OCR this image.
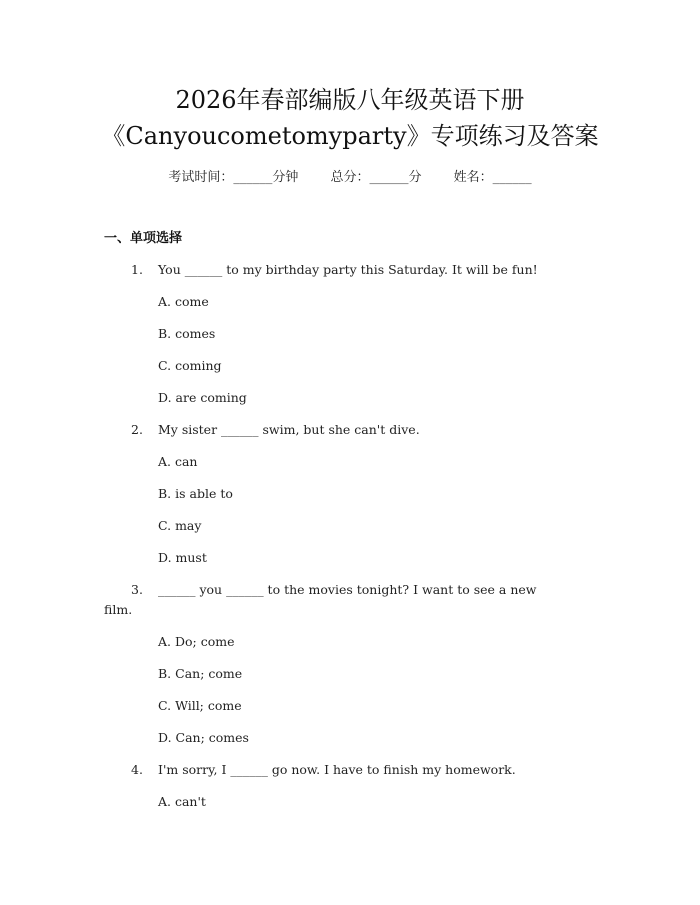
2026年春部编版八年级英语下册
《Canyoucometomyparty》专项练习及答案
考试时间：______分钟 总分：______分 姓名：______
一、单项选择
1. You ______ to my birthday party this Saturday. It will be fun!
A. come
B. comes
C. coming
D. are coming
2. My sister ______ swim, but she can't dive.
A. can
B. is able to
C. may
D. must
3. ______ you ______ to the movies tonight? I want to see a new
film.
A. Do; come
B. Can; come
C. Will; come
D. Can; comes
4. I'm sorry, I ______ go now. I have to finish my homework.
A. can't
